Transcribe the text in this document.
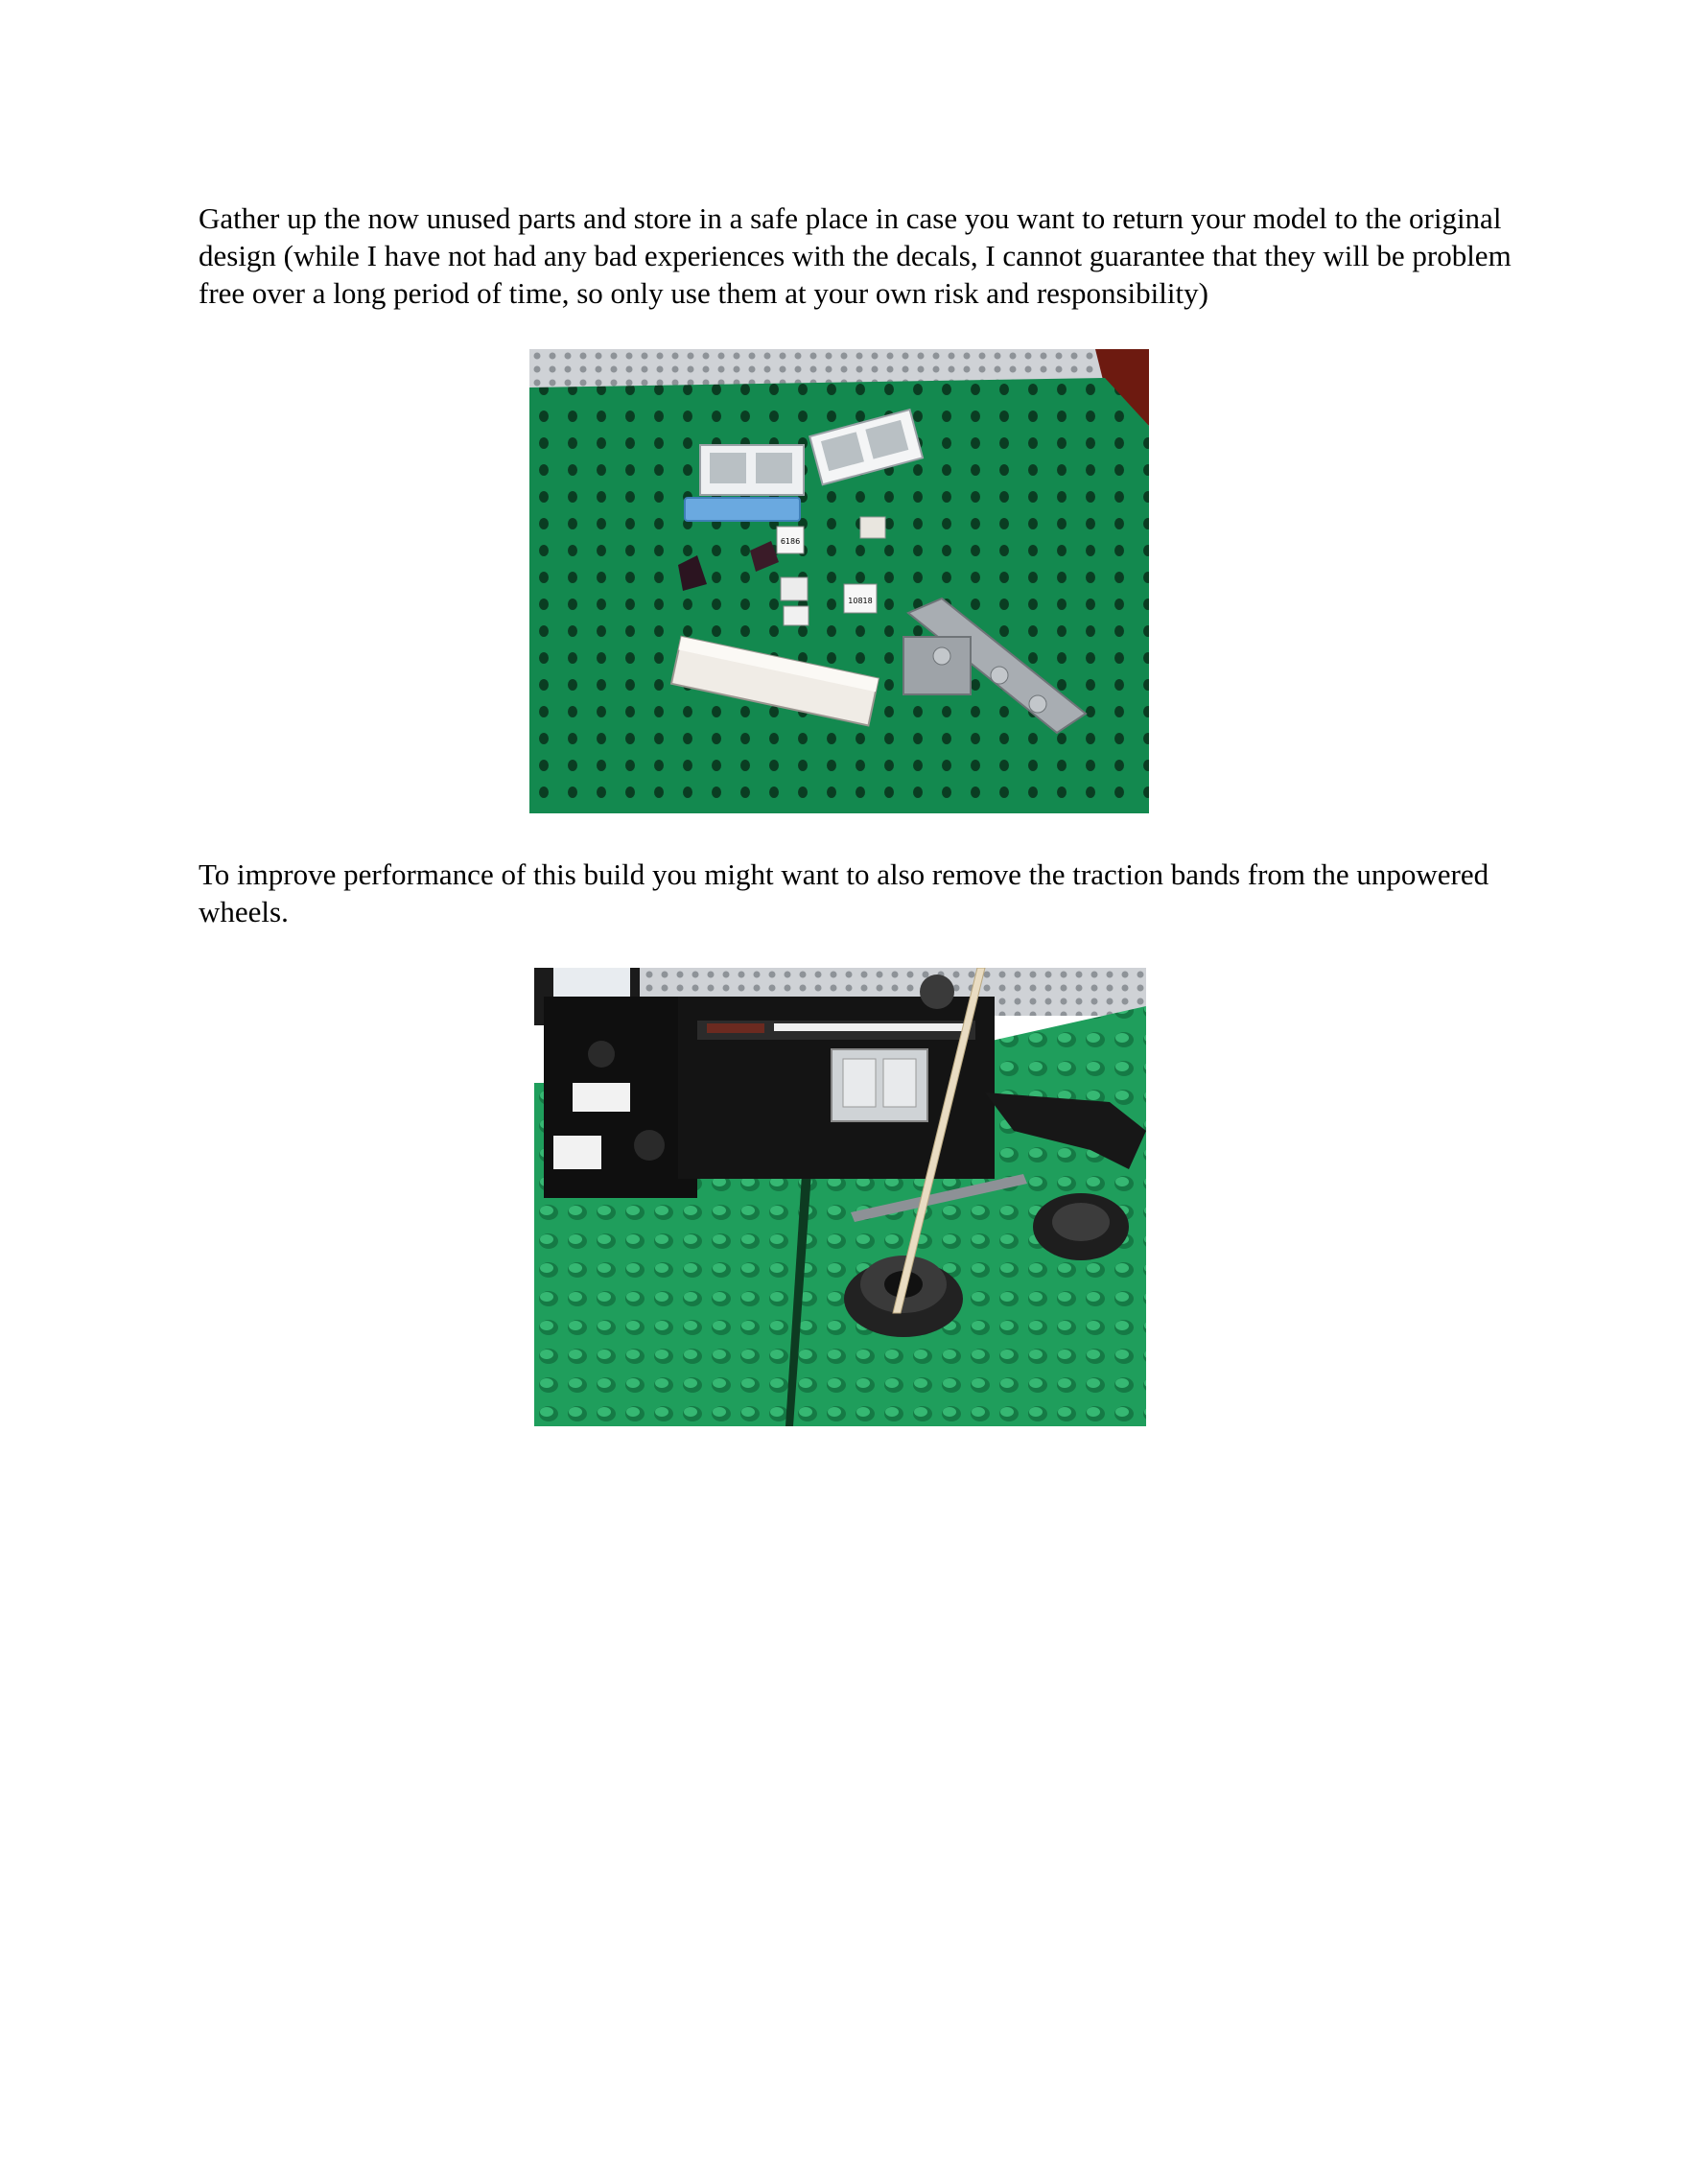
Gather up the now unused parts and store in a safe place in case you want to return your model to the original design (while I have not had any bad experiences with the decals, I cannot guarantee that they will be problem free over a long period of time, so only use them at your own risk and responsibility)

6186
10818

To improve performance of this build you might want to also remove the traction bands from the unpowered wheels.
